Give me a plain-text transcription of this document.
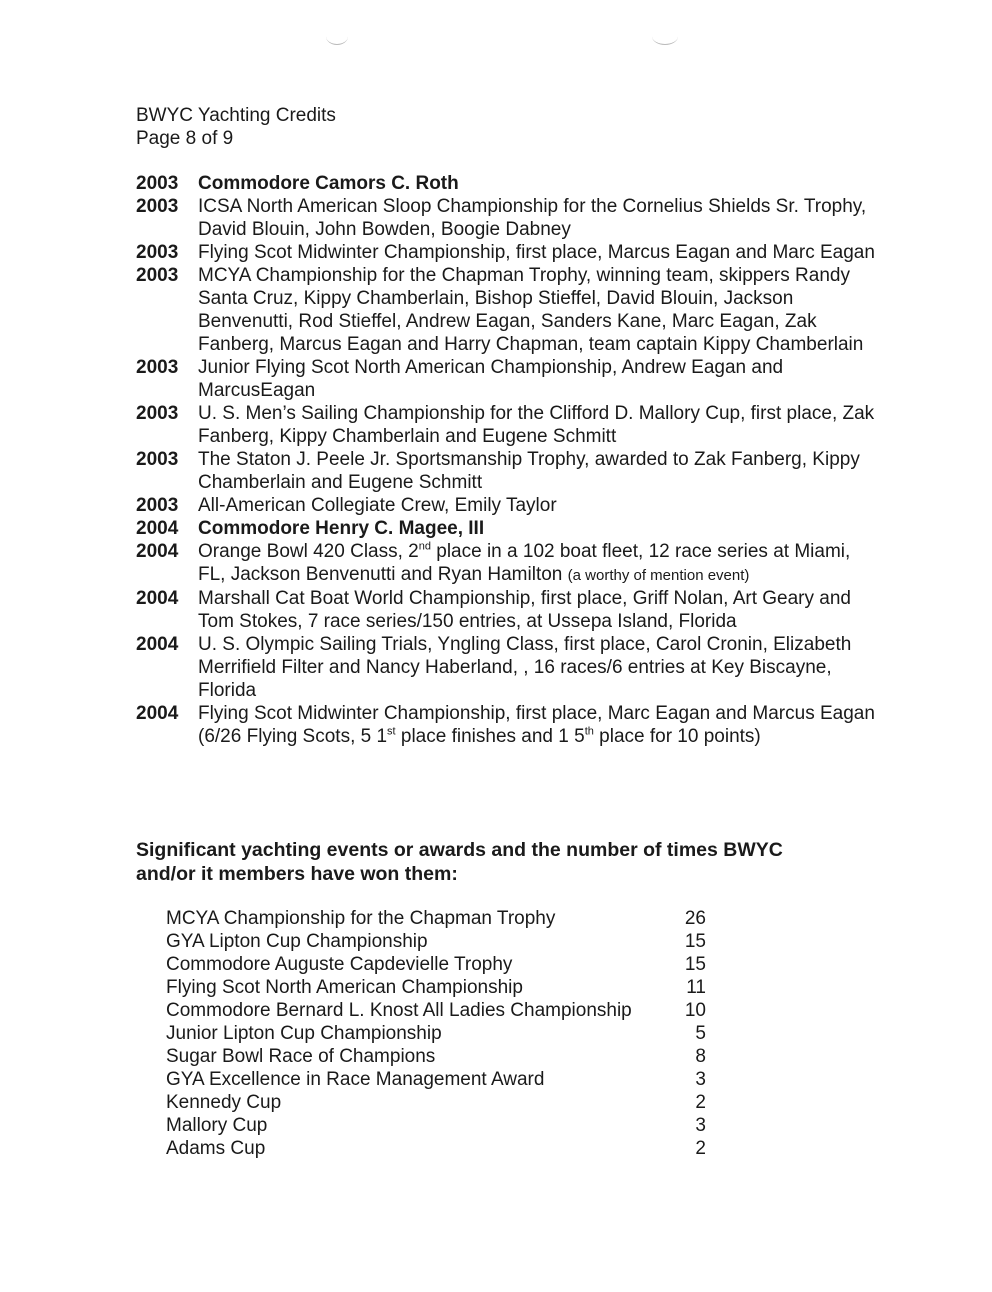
BWYC Yachting Credits
Page 8 of 9
2003	Commodore Camors C. Roth
2003	ICSA North American Sloop Championship for the Cornelius Shields Sr. Trophy, David Blouin, John Bowden, Boogie Dabney
2003	Flying Scot Midwinter Championship, first place, Marcus Eagan and Marc Eagan
2003	MCYA Championship for the Chapman Trophy, winning team, skippers Randy Santa Cruz, Kippy Chamberlain, Bishop Stieffel, David Blouin, Jackson Benvenutti, Rod Stieffel, Andrew Eagan, Sanders Kane, Marc Eagan, Zak Fanberg, Marcus Eagan and Harry Chapman, team captain Kippy Chamberlain
2003	Junior Flying Scot North American Championship, Andrew Eagan and MarcusEagan
2003	U. S. Men’s Sailing Championship for the Clifford D. Mallory Cup, first place, Zak Fanberg, Kippy Chamberlain and Eugene Schmitt
2003	The Staton J. Peele Jr. Sportsmanship Trophy, awarded to Zak Fanberg, Kippy Chamberlain and Eugene Schmitt
2003	All-American Collegiate Crew, Emily Taylor
2004	Commodore Henry C. Magee, III
2004	Orange Bowl 420 Class, 2nd place in a 102 boat fleet, 12 race series at Miami,
FL, Jackson Benvenutti and Ryan Hamilton (a worthy of mention event)
2004	Marshall Cat Boat World Championship, first place, Griff Nolan, Art Geary and Tom Stokes, 7 race series/150 entries, at Ussepa Island, Florida
2004	U. S. Olympic Sailing Trials, Yngling Class, first place, Carol Cronin, Elizabeth Merrifield Filter and Nancy Haberland, , 16 races/6 entries at Key Biscayne, Florida
2004	Flying Scot Midwinter Championship, first place, Marc Eagan and Marcus Eagan (6/26 Flying Scots, 5 1st place finishes and 1 5th place for 10 points)
Significant yachting events or awards and the number of times BWYC and/or it members have won them:
MCYA Championship for the Chapman Trophy	26
GYA Lipton Cup Championship	15
Commodore Auguste Capdevielle Trophy	15
Flying Scot North American Championship	11
Commodore Bernard L. Knost All Ladies Championship	10
Junior Lipton Cup Championship	5
Sugar Bowl Race of Champions	8
GYA Excellence in Race Management Award	3
Kennedy Cup	2
Mallory Cup	3
Adams Cup	2
